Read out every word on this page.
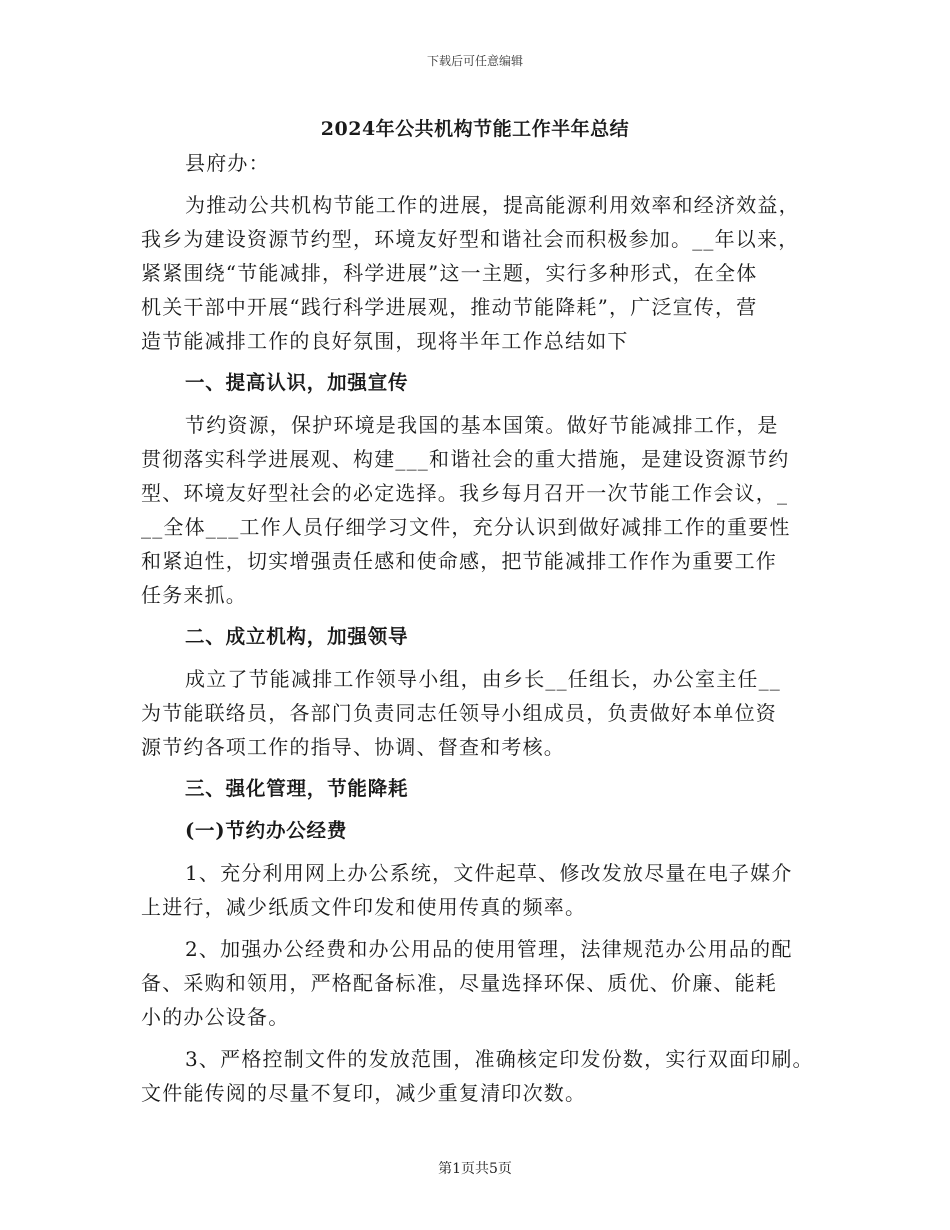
下载后可任意编辑
2024年公共机构节能工作半年总结
县府办：
为推动公共机构节能工作的进展，提高能源利用效率和经济效益，
我乡为建设资源节约型，环境友好型和谐社会而积极参加。__年以来，
紧紧围绕“节能减排，科学进展”这一主题，实行多种形式，在全体
机关干部中开展“践行科学进展观，推动节能降耗”，广泛宣传，营
造节能减排工作的良好氛围，现将半年工作总结如下
一、提高认识，加强宣传
节约资源，保护环境是我国的基本国策。做好节能减排工作，是
贯彻落实科学进展观、构建___和谐社会的重大措施，是建设资源节约
型、环境友好型社会的必定选择。我乡每月召开一次节能工作会议，_
__全体___工作人员仔细学习文件，充分认识到做好减排工作的重要性
和紧迫性，切实增强责任感和使命感，把节能减排工作作为重要工作
任务来抓。
二、成立机构，加强领导
成立了节能减排工作领导小组，由乡长__任组长，办公室主任__
为节能联络员，各部门负责同志任领导小组成员，负责做好本单位资
源节约各项工作的指导、协调、督查和考核。
三、强化管理，节能降耗
(一)节约办公经费
1、充分利用网上办公系统，文件起草、修改发放尽量在电子媒介
上进行，减少纸质文件印发和使用传真的频率。
2、加强办公经费和办公用品的使用管理，法律规范办公用品的配
备、采购和领用，严格配备标准，尽量选择环保、质优、价廉、能耗
小的办公设备。
3、严格控制文件的发放范围，准确核定印发份数，实行双面印刷。
文件能传阅的尽量不复印，减少重复清印次数。
第1页共5页
